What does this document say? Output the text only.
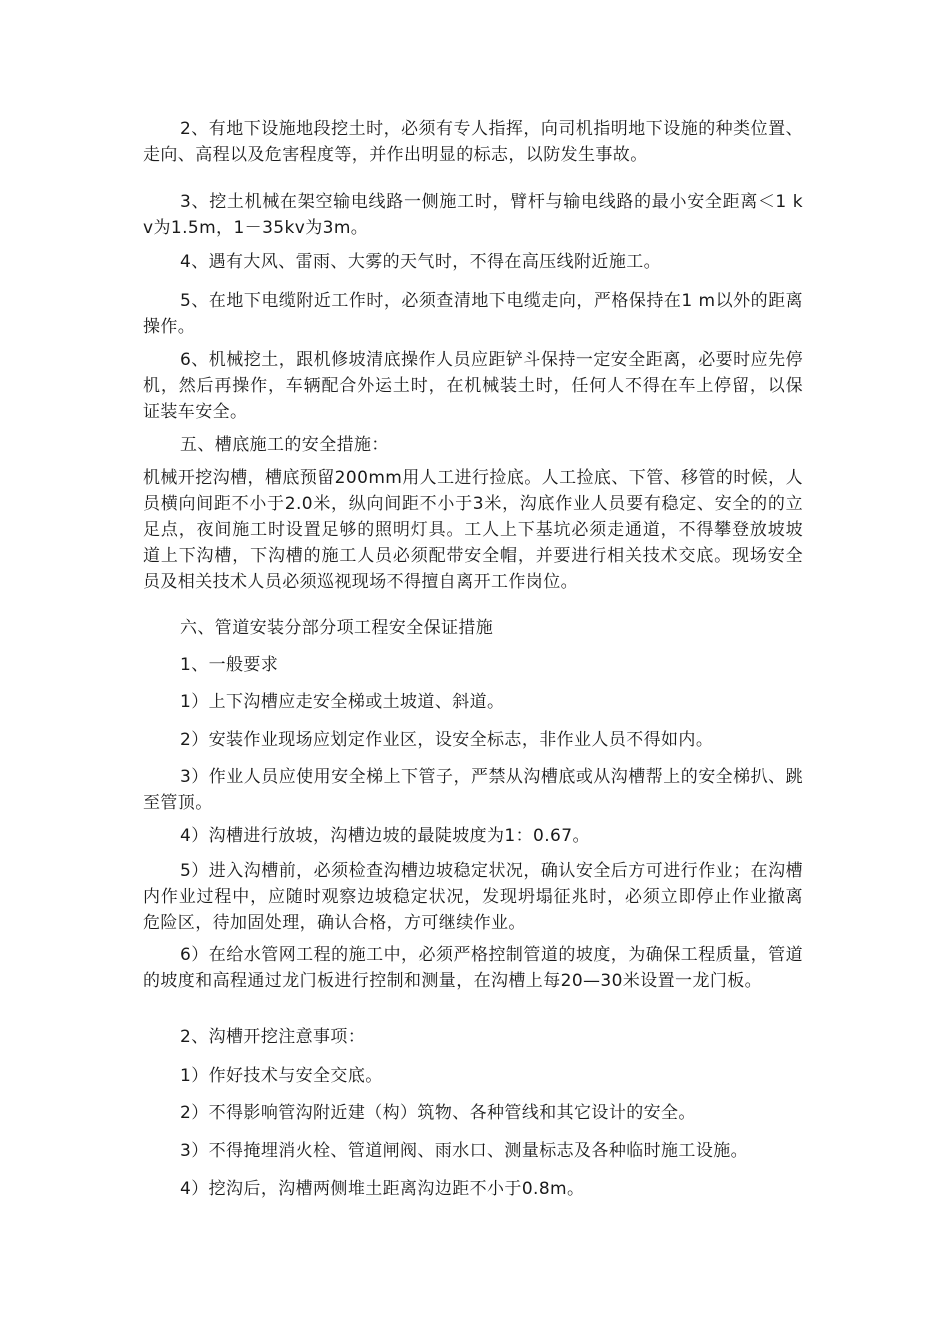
2、有地下设施地段挖土时，必须有专人指挥，向司机指明地下设施的种类位置、走向、高程以及危害程度等，并作出明显的标志，以防发生事故。

3、挖土机械在架空输电线路一侧施工时，臂杆与输电线路的最小安全距离＜1 kv为1.5m，1－35kv为3m。

4、遇有大风、雷雨、大雾的天气时，不得在高压线附近施工。

5、在地下电缆附近工作时，必须查清地下电缆走向，严格保持在1 m以外的距离操作。

6、机械挖土，跟机修坡清底操作人员应距铲斗保持一定安全距离，必要时应先停机，然后再操作，车辆配合外运土时，在机械装土时，任何人不得在车上停留，以保证装车安全。

五、槽底施工的安全措施：

机械开挖沟槽，槽底预留200mm用人工进行捡底。人工捡底、下管、移管的时候，人员横向间距不小于2.0米，纵向间距不小于3米，沟底作业人员要有稳定、安全的的立足点，夜间施工时设置足够的照明灯具。工人上下基坑必须走通道，不得攀登放坡坡道上下沟槽，下沟槽的施工人员必须配带安全帽，并要进行相关技术交底。现场安全员及相关技术人员必须巡视现场不得擅自离开工作岗位。

六、管道安装分部分项工程安全保证措施

1、一般要求

1）上下沟槽应走安全梯或土坡道、斜道。

2）安装作业现场应划定作业区，设安全标志，非作业人员不得如内。

3）作业人员应使用安全梯上下管子，严禁从沟槽底或从沟槽帮上的安全梯扒、跳至管顶。

4）沟槽进行放坡，沟槽边坡的最陡坡度为1：0.67。

5）进入沟槽前，必须检查沟槽边坡稳定状况，确认安全后方可进行作业；在沟槽内作业过程中，应随时观察边坡稳定状况，发现坍塌征兆时，必须立即停止作业撤离危险区，待加固处理，确认合格，方可继续作业。

6）在给水管网工程的施工中，必须严格控制管道的坡度，为确保工程质量，管道的坡度和高程通过龙门板进行控制和测量，在沟槽上每20—30米设置一龙门板。

2、沟槽开挖注意事项：

1）作好技术与安全交底。

2）不得影响管沟附近建（构）筑物、各种管线和其它设计的安全。

3）不得掩埋消火栓、管道闸阀、雨水口、测量标志及各种临时施工设施。

4）挖沟后，沟槽两侧堆土距离沟边距不小于0.8m。
